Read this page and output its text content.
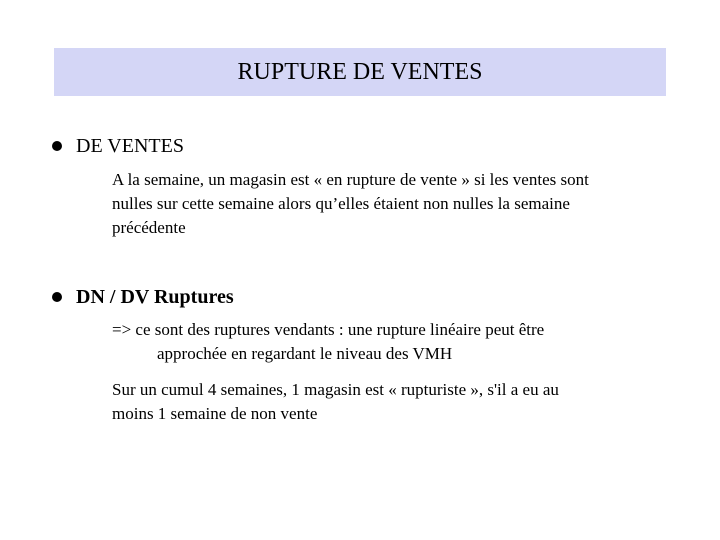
RUPTURE DE VENTES
DE VENTES
A la semaine, un magasin est « en rupture de vente » si les ventes sont
nulles sur cette semaine alors qu’elles étaient non nulles la semaine
précédente
DN / DV Ruptures
=> ce sont des ruptures vendants : une rupture linéaire peut être
approchée en regardant le niveau des VMH
Sur un cumul 4 semaines, 1 magasin est « rupturiste », s'il a eu au
moins 1 semaine de non vente
